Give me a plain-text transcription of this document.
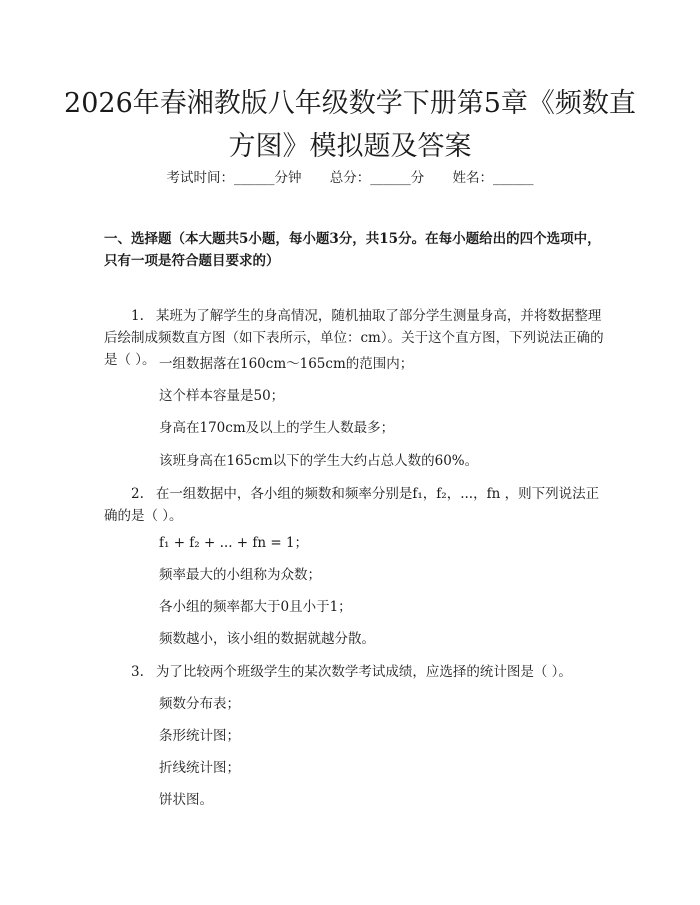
2026年春湘教版八年级数学下册第5章《频数直方图》模拟题及答案
考试时间：______分钟 总分：______分 姓名：______

一、选择题（本大题共5小题，每小题3分，共15分。在每小题给出的四个选项中，只有一项是符合题目要求的）

1. 某班为了解学生的身高情况，随机抽取了部分学生测量身高，并将数据整理后绘制成频数直方图（如下表所示，单位：cm）。关于这个直方图，下列说法正确的是（ ）。 一组数据落在160cm～165cm的范围内；

这个样本容量是50；

身高在170cm及以上的学生人数最多；

该班身高在165cm以下的学生大约占总人数的60%。

2. 在一组数据中，各小组的频数和频率分别是f₁，f₂，...，fn ，则下列说法正确的是（ ）。

f₁ + f₂ + ... + fn = 1；

频率最大的小组称为众数；

各小组的频率都大于0且小于1；

频数越小，该小组的数据就越分散。

3. 为了比较两个班级学生的某次数学考试成绩，应选择的统计图是（ ）。

频数分布表；

条形统计图；

折线统计图；

饼状图。
